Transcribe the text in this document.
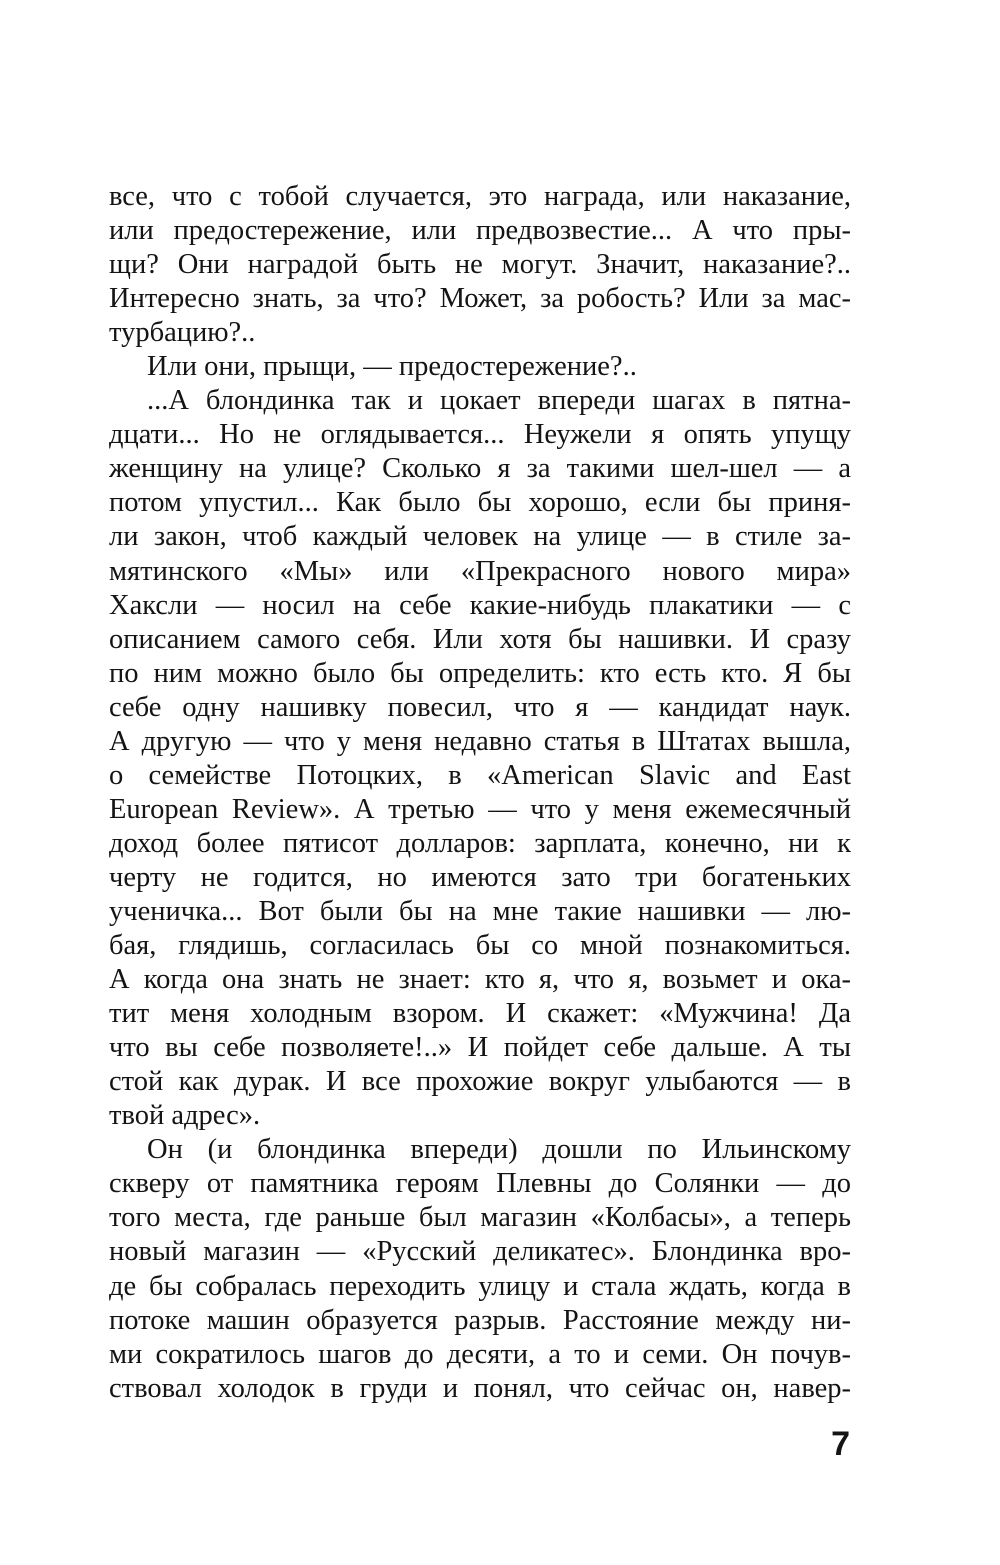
все, что с тобой случается, это награда, или наказание,
или предостережение, или предвозвестие... А что пры-
щи? Они наградой быть не могут. Значит, наказание?..
Интересно знать, за что? Может, за робость? Или за мас-
турбацию?..
Или они, прыщи, — предостережение?..
...А блондинка так и цокает впереди шагах в пятна-
дцати... Но не оглядывается... Неужели я опять упущу
женщину на улице? Сколько я за такими шел-шел — а
потом упустил... Как было бы хорошо, если бы приня-
ли закон, чтоб каждый человек на улице — в стиле за-
мятинского «Мы» или «Прекрасного нового мира»
Хаксли — носил на себе какие-нибудь плакатики — с
описанием самого себя. Или хотя бы нашивки. И сразу
по ним можно было бы определить: кто есть кто. Я бы
себе одну нашивку повесил, что я — кандидат наук.
А другую — что у меня недавно статья в Штатах вышла,
о семействе Потоцких, в «American Slavic and East
European Review». А третью — что у меня ежемесячный
доход более пятисот долларов: зарплата, конечно, ни к
черту не годится, но имеются зато три богатеньких
ученичка... Вот были бы на мне такие нашивки — лю-
бая, глядишь, согласилась бы со мной познакомиться.
А когда она знать не знает: кто я, что я, возьмет и ока-
тит меня холодным взором. И скажет: «Мужчина! Да
что вы себе позволяете!..» И пойдет себе дальше. А ты
стой как дурак. И все прохожие вокруг улыбаются — в
твой адрес».
Он (и блондинка впереди) дошли по Ильинскому
скверу от памятника героям Плевны до Солянки — до
того места, где раньше был магазин «Колбасы», а теперь
новый магазин — «Русский деликатес». Блондинка вро-
де бы собралась переходить улицу и стала ждать, когда в
потоке машин образуется разрыв. Расстояние между ни-
ми сократилось шагов до десяти, а то и семи. Он почув-
ствовал холодок в груди и понял, что сейчас он, навер-
7
